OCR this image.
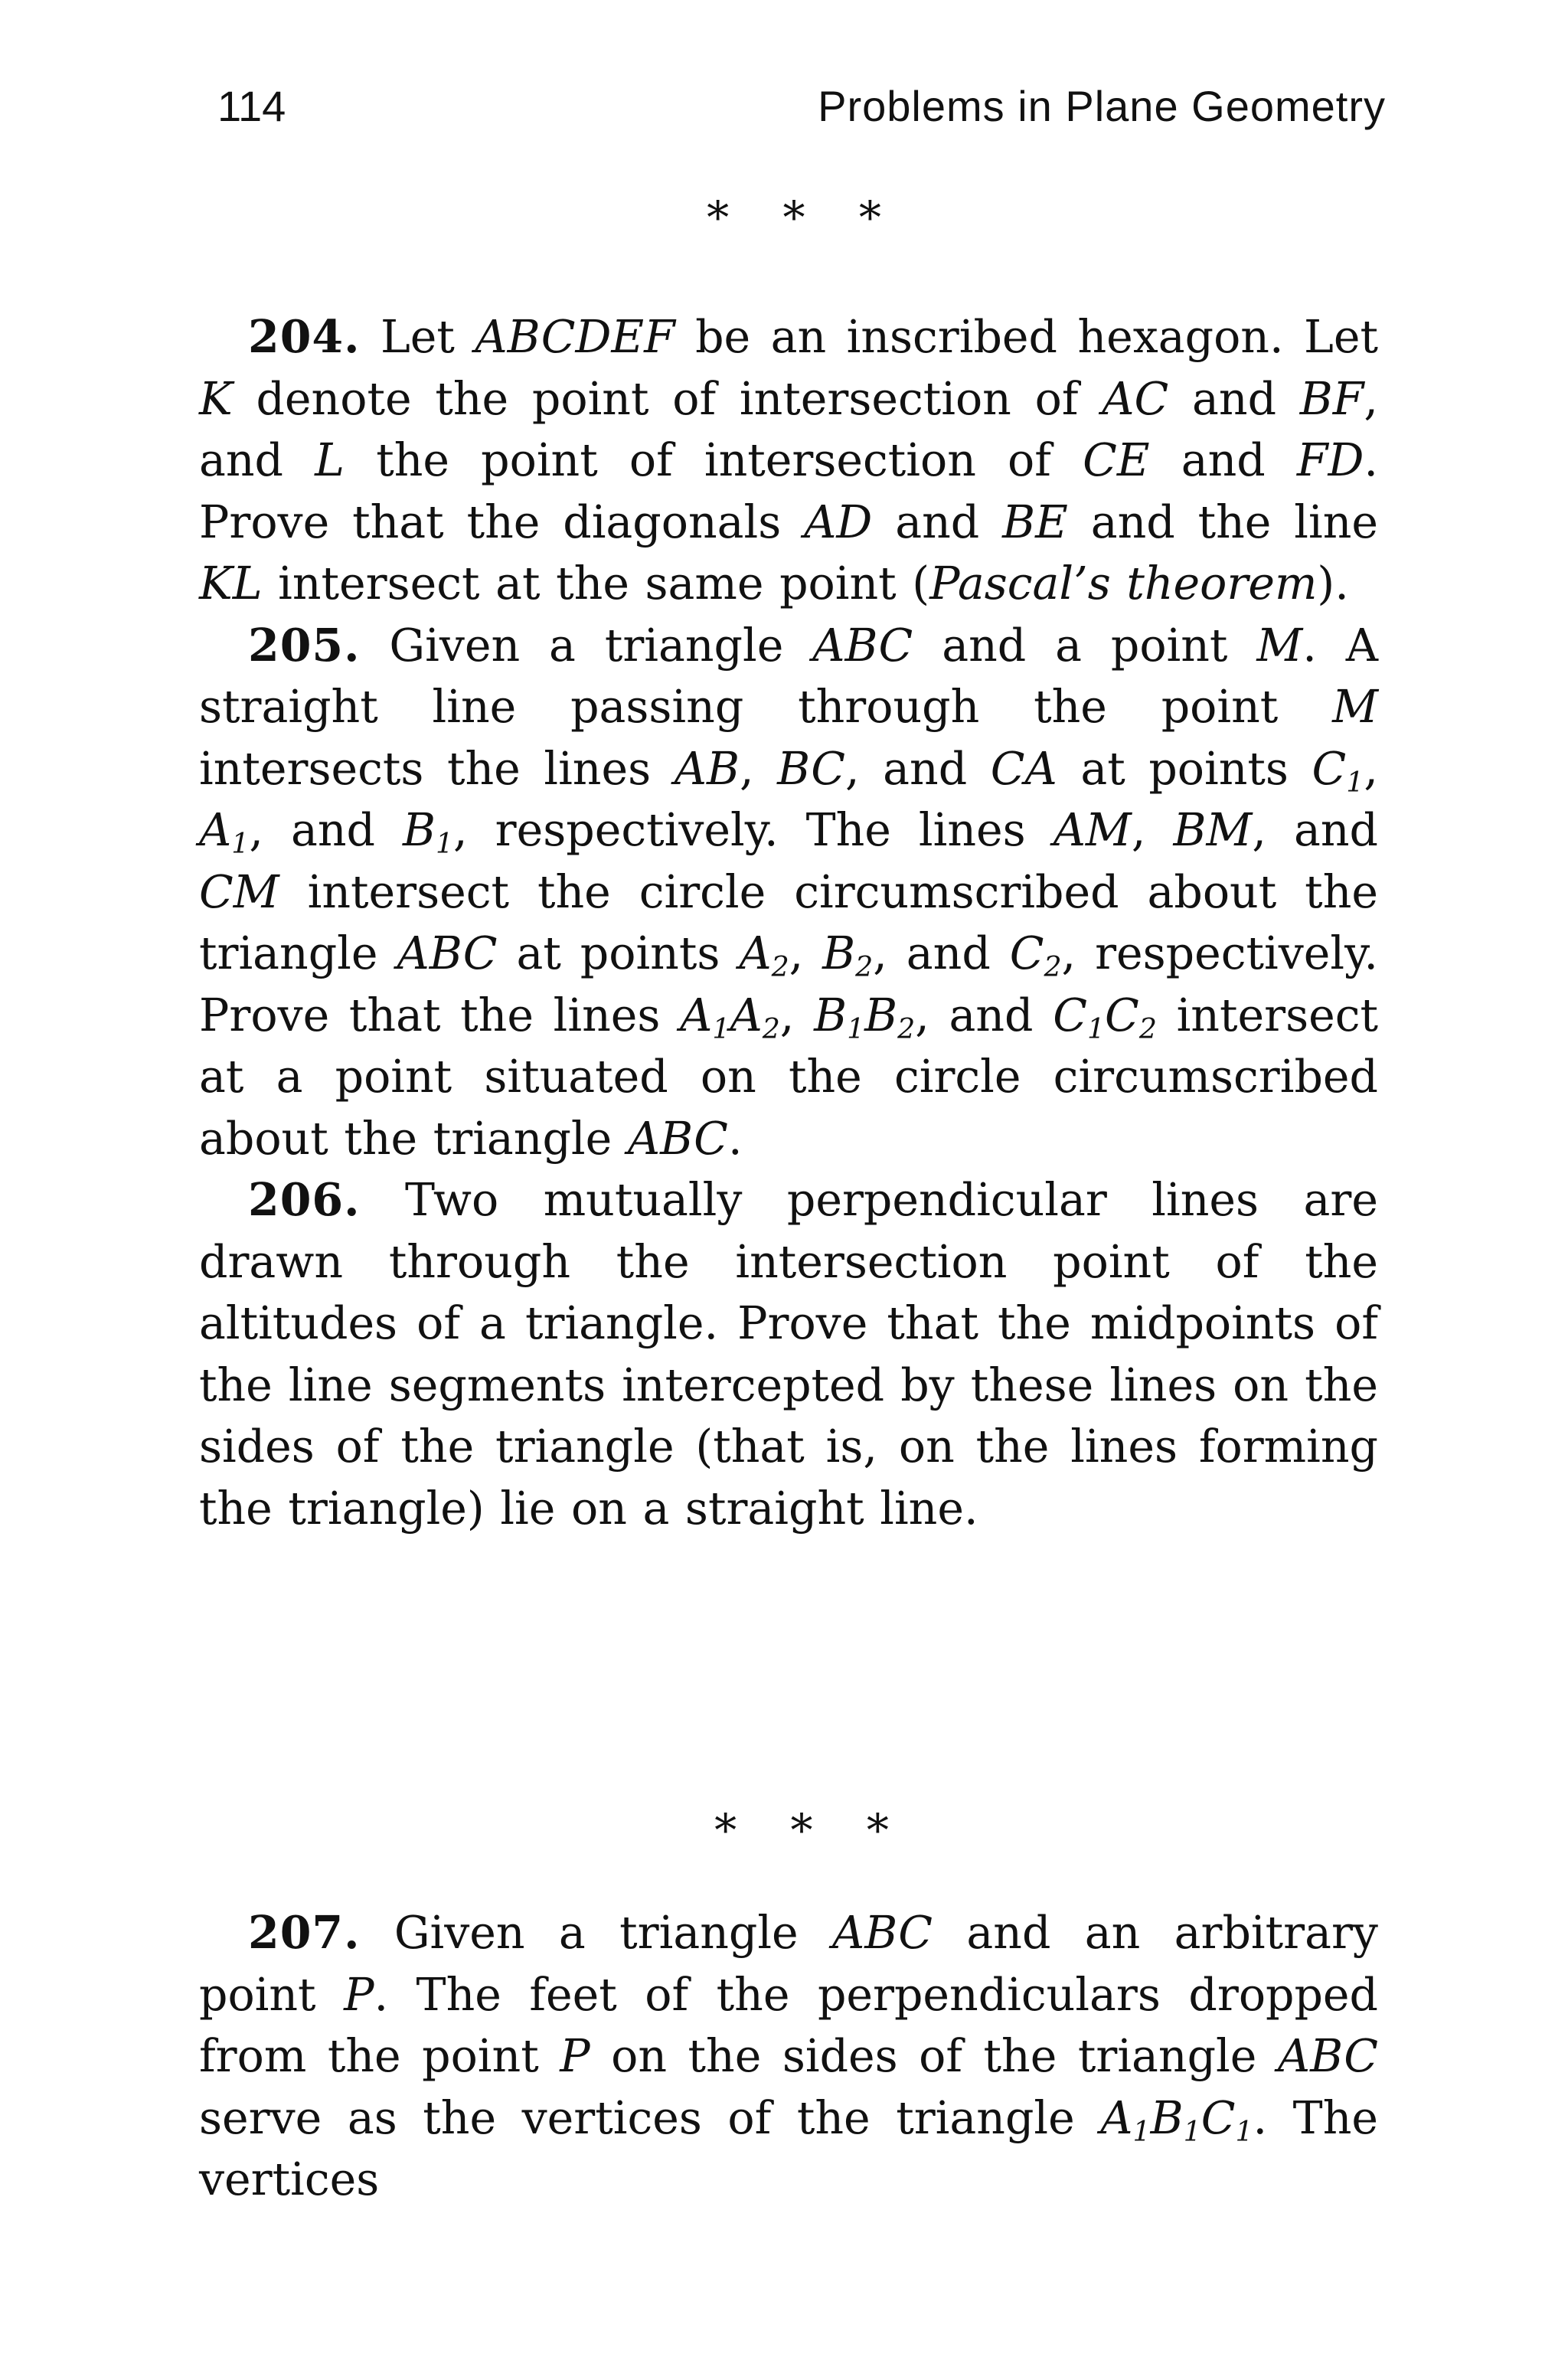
114	Problems in Plane Geometry
* * *

204. Let ABCDEF be an inscribed hexagon. Let K denote the point of intersection of AC and BF, and L the point of intersection of CE and FD. Prove that the diagonals AD and BE and the line KL intersect at the same point (Pascal’s theorem).

205. Given a triangle ABC and a point M. A straight line passing through the point M intersects the lines AB, BC, and CA at points $C_1$, $A_1$, and $B_1$, respectively. The lines AM, BM, and CM intersect the circle circumscribed about the triangle ABC at points $A_2$, $B_2$, and $C_2$, respectively. Prove that the lines $A_1A_2$, $B_1B_2$, and $C_1C_2$ intersect at a point situated on the circle circumscribed about the triangle ABC.

206. Two mutually perpendicular lines are drawn through the intersection point of the altitudes of a triangle. Prove that the midpoints of the line segments intercepted by these lines on the sides of the triangle (that is, on the lines forming the triangle) lie on a straight line.

* * *

207. Given a triangle ABC and an arbitrary point P. The feet of the perpendiculars dropped from the point P on the sides of the triangle ABC serve as the vertices of the triangle $A_1B_1C_1$. The vertices
